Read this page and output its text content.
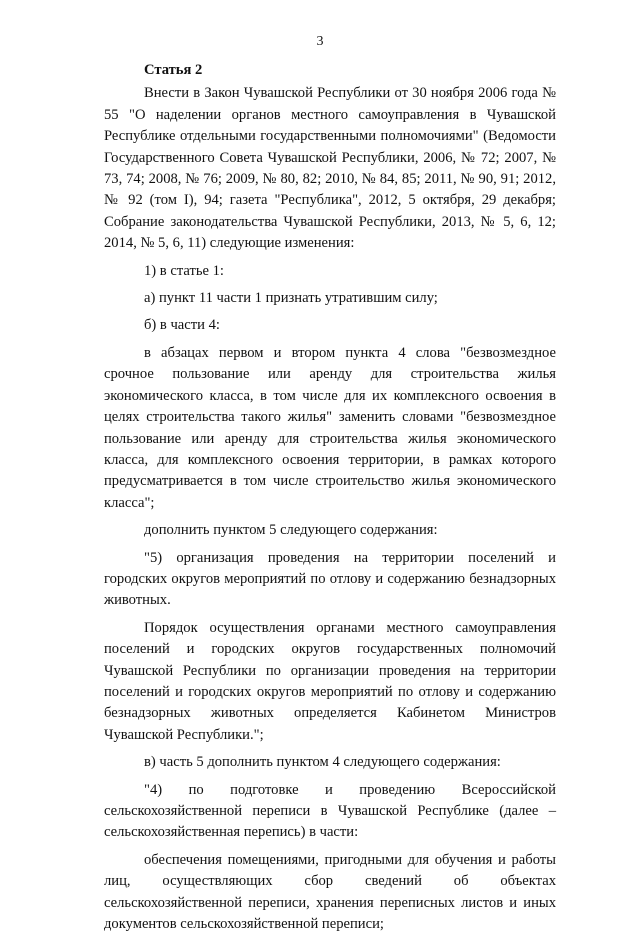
3

Статья 2

Внести в Закон Чувашской Республики от 30 ноября 2006 года № 55 "О наделении органов местного самоуправления в Чувашской Республике отдельными государственными полномочиями" (Ведомости Государственного Совета Чувашской Республики, 2006, № 72; 2007, № 73, 74; 2008, № 76; 2009, № 80, 82; 2010, № 84, 85; 2011, № 90, 91; 2012, № 92 (том I), 94; газета "Республика", 2012, 5 октября, 29 декабря; Собрание законодательства Чувашской Республики, 2013, № 5, 6, 12; 2014, № 5, 6, 11) следующие изменения:

1) в статье 1:

а) пункт 11 части 1 признать утратившим силу;

б) в части 4:

в абзацах первом и втором пункта 4 слова "безвозмездное срочное пользование или аренду для строительства жилья экономического класса, в том числе для их комплексного освоения в целях строительства такого жилья" заменить словами "безвозмездное пользование или аренду для строительства жилья экономического класса, для комплексного освоения территории, в рамках которого предусматривается в том числе строительство жилья экономического класса";

дополнить пунктом 5 следующего содержания:

"5) организация проведения на территории поселений и городских округов мероприятий по отлову и содержанию безнадзорных животных.

Порядок осуществления органами местного самоуправления поселений и городских округов государственных полномочий Чувашской Республики по организации проведения на территории поселений и городских округов мероприятий по отлову и содержанию безнадзорных животных определяется Кабинетом Министров Чувашской Республики.";

в) часть 5 дополнить пунктом 4 следующего содержания:

"4) по подготовке и проведению Всероссийской сельскохозяйственной переписи в Чувашской Республике (далее – сельскохозяйственная перепись) в части:

обеспечения помещениями, пригодными для обучения и работы лиц, осуществляющих сбор сведений об объектах сельскохозяйственной переписи, хранения переписных листов и иных документов сельскохозяйственной переписи;
